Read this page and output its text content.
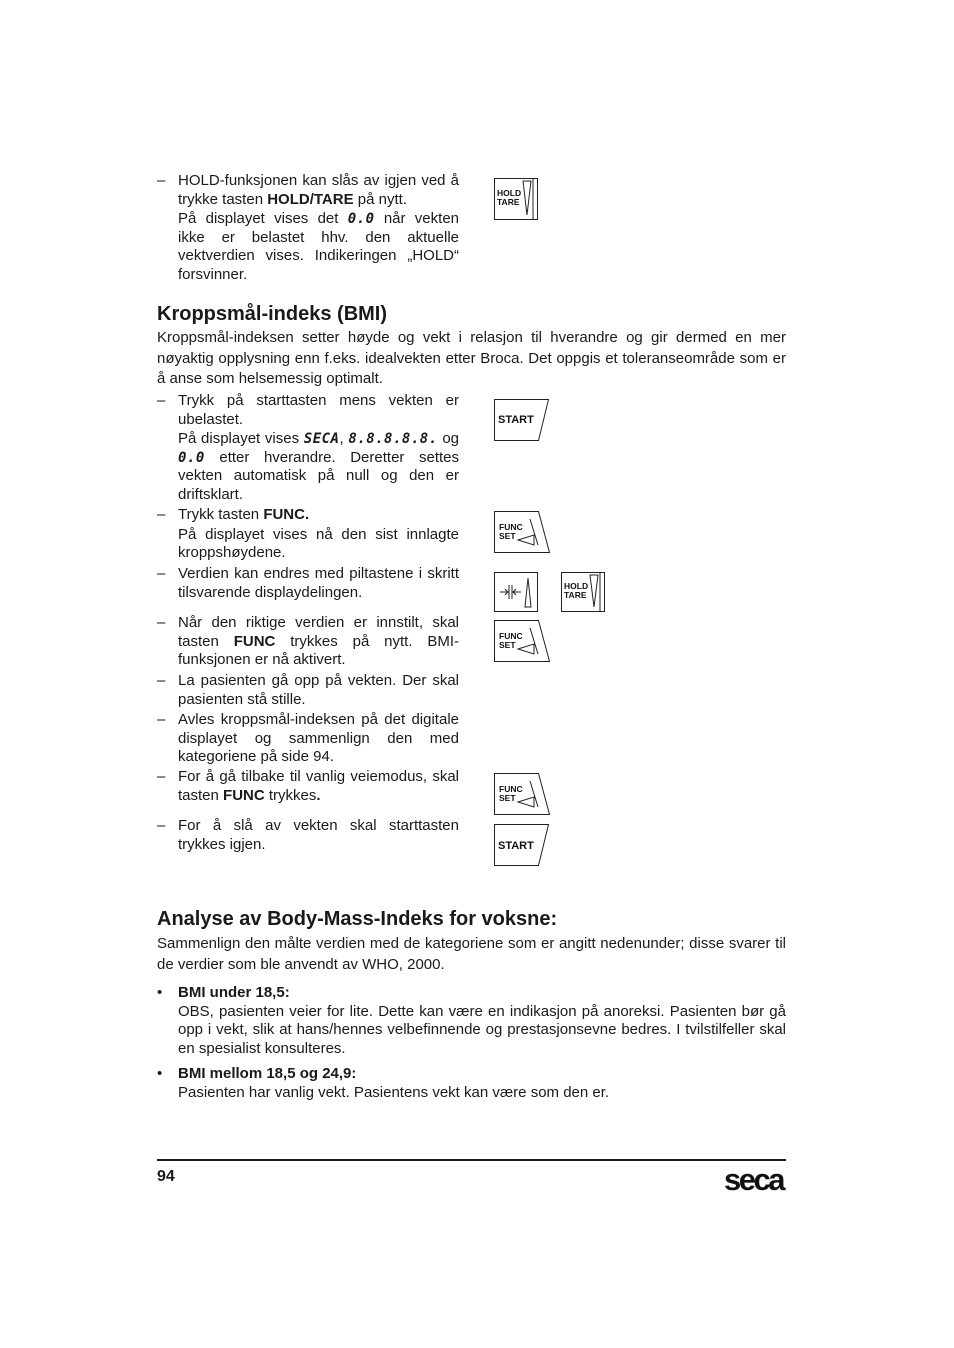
– HOLD-funksjonen kan slås av igjen ved å trykke tasten HOLD/TARE på nytt.

På displayet vises det 0.0 når vekten ikke er belastet hhv. den aktuelle vektverdien vises. Indikeringen „HOLD“ forsvinner.

HOLD
TARE
Kroppsmål-indeks (BMI)
Kroppsmål-indeksen setter høyde og vekt i relasjon til hverandre og gir dermed en mer nøyaktig opplysning enn f.eks. idealvekten etter Broca. Det oppgis et toleranseområde som er å anse som helsemessig optimalt.
– Trykk på starttasten mens vekten er ubelastet.

På displayet vises SECA, 8.8.8.8.8. og 0.0 etter hverandre. Deretter settes vekten automatisk på null og den er driftsklart.

START
– Trykk tasten FUNC.

På displayet vises nå den sist innlagte kroppshøydene.

FUNC
SET
– Verdien kan endres med piltastene i skritt tilsvarende displaydelingen.	HOLD
TARE
– Når den riktige verdien er innstilt, skal tasten FUNC trykkes på nytt. BMI-funksjonen er nå aktivert.

FUNC
SET
– La pasienten gå opp på vekten. Der skal pasienten stå stille.

– Avles kroppsmål-indeksen på det digitale displayet og sammenlign den med kategoriene på side 94.

– For å gå tilbake til vanlig veiemodus, skal tasten FUNC trykkes.	FUNC
SET
– For å slå av vekten skal starttasten trykkes igjen.	START
Analyse av Body-Mass-Indeks for voksne:
Sammenlign den målte verdien med de kategoriene som er angitt nedenunder; disse svarer til de verdier som ble anvendt av WHO, 2000.
• BMI under 18,5:
OBS, pasienten veier for lite. Dette kan være en indikasjon på anoreksi. Pasienten bør gå opp i vekt, slik at hans/hennes velbefinnende og prestasjonsevne bedres. I tvilstilfeller skal en spesialist konsulteres.
• BMI mellom 18,5 og 24,9:
Pasienten har vanlig vekt. Pasientens vekt kan være som den er.
94	seca
